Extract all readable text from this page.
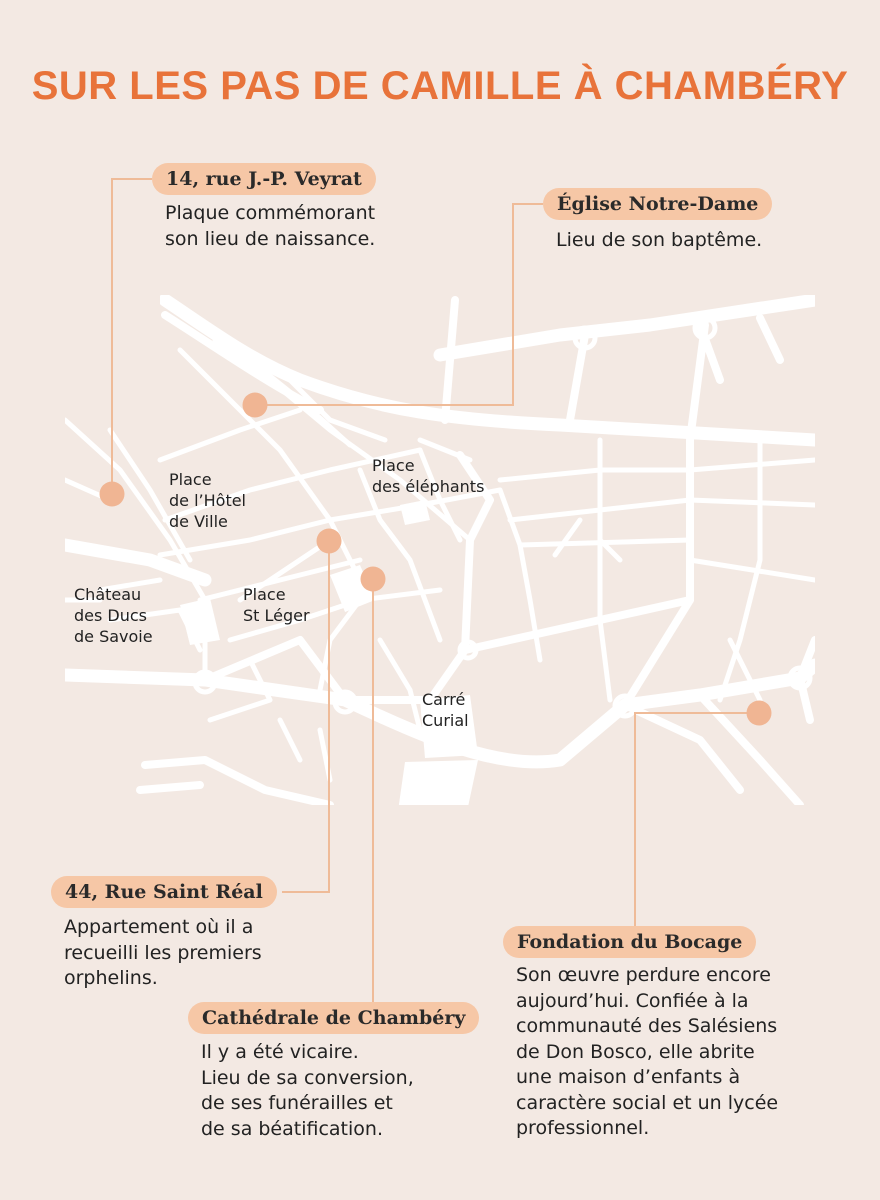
SUR LES PAS DE CAMILLE À CHAMBÉRY
Place
de l’Hôtel
de Ville
Place
des éléphants
Château
des Ducs
de Savoie
Place
St Léger
Carré
Curial
14, rue J.-P. Veyrat
Plaque commémorant
son lieu de naissance.
Église Notre-Dame
Lieu de son baptême.
44, Rue Saint Réal
Appartement où il a
recueilli les premiers
orphelins.
Cathédrale de Chambéry
Il y a été vicaire.
Lieu de sa conversion,
de ses funérailles et
de sa béatification.
Fondation du Bocage
Son œuvre perdure encore
aujourd’hui. Confiée à la
communauté des Salésiens
de Don Bosco, elle abrite
une maison d’enfants à
caractère social et un lycée
professionnel.
